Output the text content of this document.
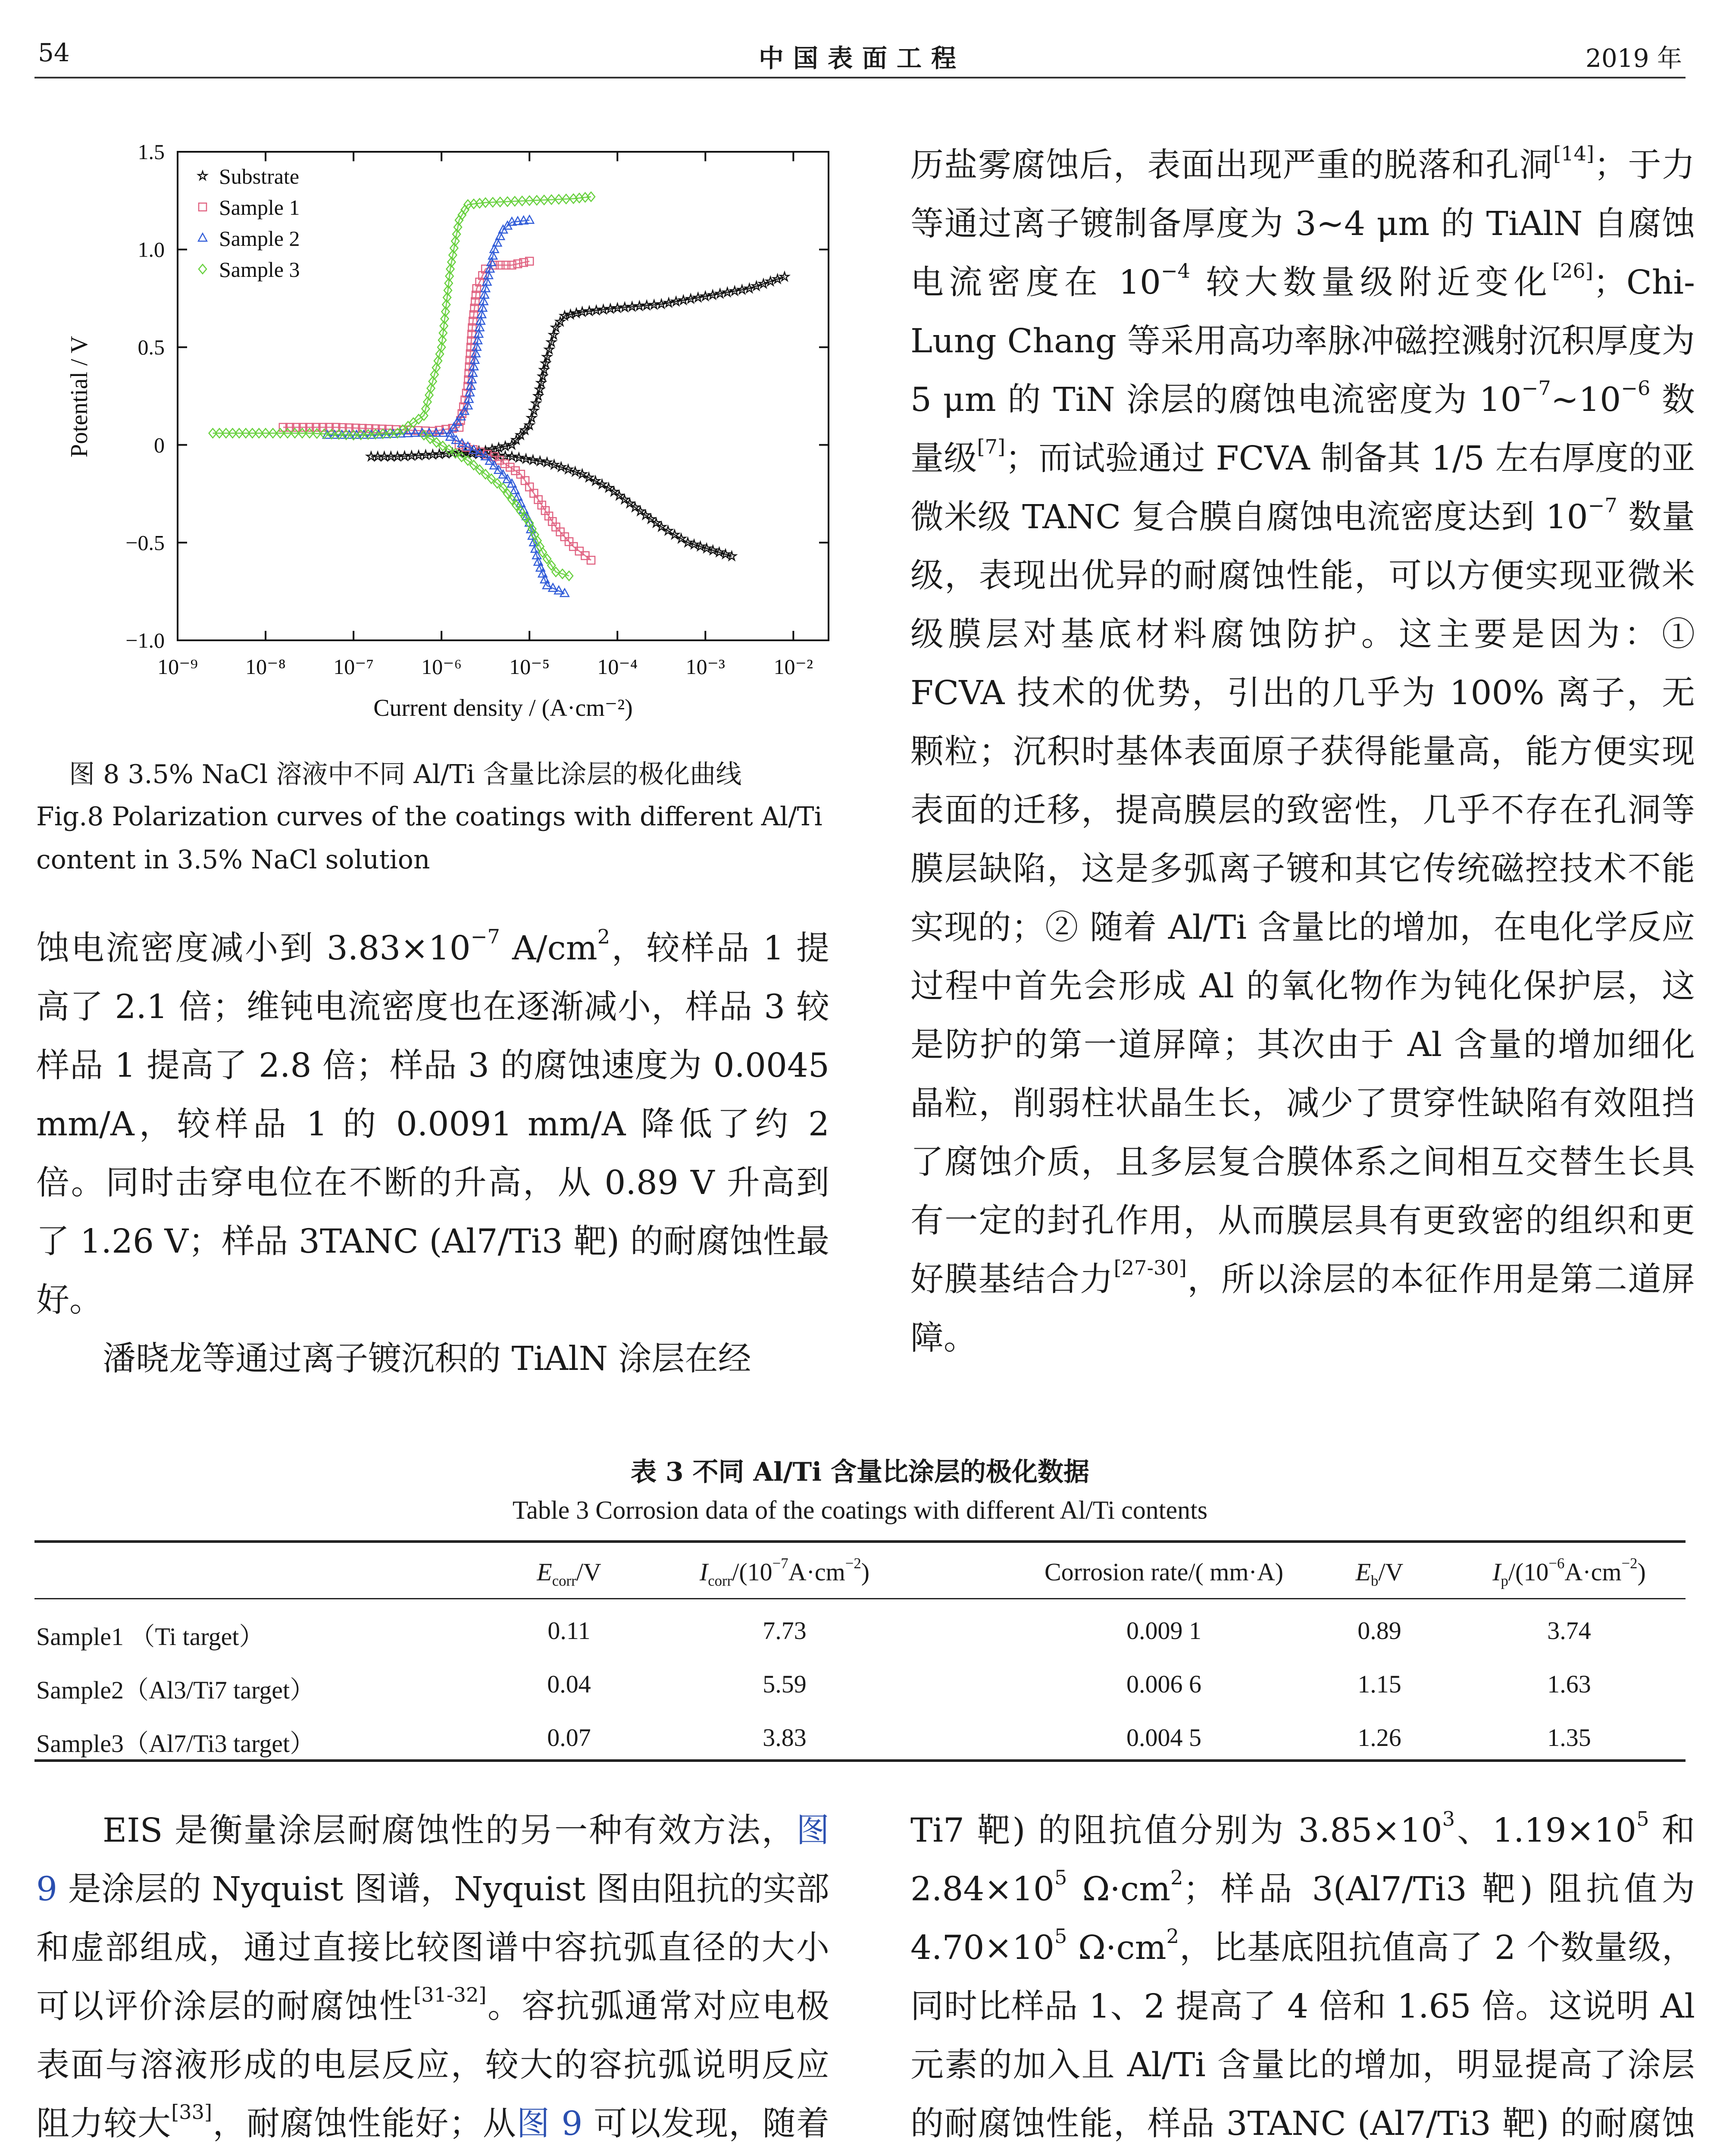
54	中国表面工程	2019 年
10⁻⁹ 10⁻⁸ 10⁻⁷ 10⁻⁶ 10⁻⁵ 10⁻⁴ 10⁻³ 10⁻²
1.5
1.0
0.5
0
−0.5
−1.0
Substrate
Sample 1
Sample 2
Sample 3
Current density / (A·cm⁻²)
Potential / V
图 8 3.5% NaCl 溶液中不同 Al/Ti 含量比涂层的极化曲线
Fig.8 Polarization curves of the coatings with different Al/Ti
content in 3.5% NaCl solution

蚀电流密度减小到 $3.83\times 10^{-7}$ $A/cm^2$，较样品 1 提高了 2.1 倍；维钝电流密度也在逐渐减小，样品 3 较样品 1 提高了 2.8 倍；样品 3 的腐蚀速度为 0.0045 mm/A，较样品 1 的 0.0091 mm/A 降低了约 2 倍。同时击穿电位在不断的升高，从 0.89 V 升高到了 1.26 V；样品 3TANC (Al7/Ti3 靶) 的耐腐蚀性最好。

潘晓龙等通过离子镀沉积的 TiAlN 涂层在经

历盐雾腐蚀后，表面出现严重的脱落和孔洞[14]；于力等通过离子镀制备厚度为 3~4 μm 的 TiAlN 自腐蚀电流密度在 $10^{-4}$ 较大数量级附近变化[26]；Chi-Lung Chang 等采用高功率脉冲磁控溅射沉积厚度为 5 μm 的 TiN 涂层的腐蚀电流密度为 $10^{-7}\sim 10^{-6}$ 数量级[7]；而试验通过 FCVA 制备其 1/5 左右厚度的亚微米级 TANC 复合膜自腐蚀电流密度达到 $10^{-7}$ 数量级，表现出优异的耐腐蚀性能，可以方便实现亚微米级膜层对基底材料腐蚀防护。这主要是因为：① FCVA 技术的优势，引出的几乎为 100% 离子，无颗粒；沉积时基体表面原子获得能量高，能方便实现表面的迁移，提高膜层的致密性，几乎不存在孔洞等膜层缺陷，这是多弧离子镀和其它传统磁控技术不能实现的；② 随着 Al/Ti 含量比的增加，在电化学反应过程中首先会形成 Al 的氧化物作为钝化保护层，这是防护的第一道屏障；其次由于 Al 含量的增加细化晶粒，削弱柱状晶生长，减少了贯穿性缺陷有效阻挡了腐蚀介质，且多层复合膜体系之间相互交替生长具有一定的封孔作用，从而膜层具有更致密的组织和更好膜基结合力[27-30]，所以涂层的本征作用是第二道屏障。

表 3 不同 Al/Ti 含量比涂层的极化数据
Table 3 Corrosion data of the coatings with different Al/Ti contents
$E_{corr}/V$	$I_{corr}/(10^{-7}A\cdot cm^{-2})$	Corrosion rate/( mm·A)	$E_b/V$	$I_p/(10^{-6}A\cdot cm^{-2})$
Sample1 （Ti target）	0.11	7.73	0.009 1	0.89	3.74
Sample2（Al3/Ti7 target）	0.04	5.59	0.006 6	1.15	1.63
Sample3（Al7/Ti3 target）	0.07	3.83	0.004 5	1.26	1.35

EIS 是衡量涂层耐腐蚀性的另一种有效方法，图 9 是涂层的 Nyquist 图谱，Nyquist 图由阻抗的实部和虚部组成，通过直接比较图谱中容抗弧直径的大小可以评价涂层的耐腐蚀性[31-32]。容抗弧通常对应电极表面与溶液形成的电层反应，较大的容抗弧说明反应阻力较大[33]，耐腐蚀性能好；从图 9 可以发现，随着

Ti7 靶) 的阻抗值分别为 $3.85\times 10^3$、$1.19\times 10^5$ 和 $2.84\times 10^5$ $\Omega\cdot cm^2$；样品 3(Al7/Ti3 靶) 阻抗值为 $4.70\times 10^5$ $\Omega\cdot cm^2$，比基底阻抗值高了 2 个数量级，同时比样品 1、2 提高了 4 倍和 1.65 倍。这说明 Al 元素的加入且 Al/Ti 含量比的增加，明显提高了涂层的耐腐蚀性能，样品 3TANC (Al7/Ti3 靶) 的耐腐蚀
